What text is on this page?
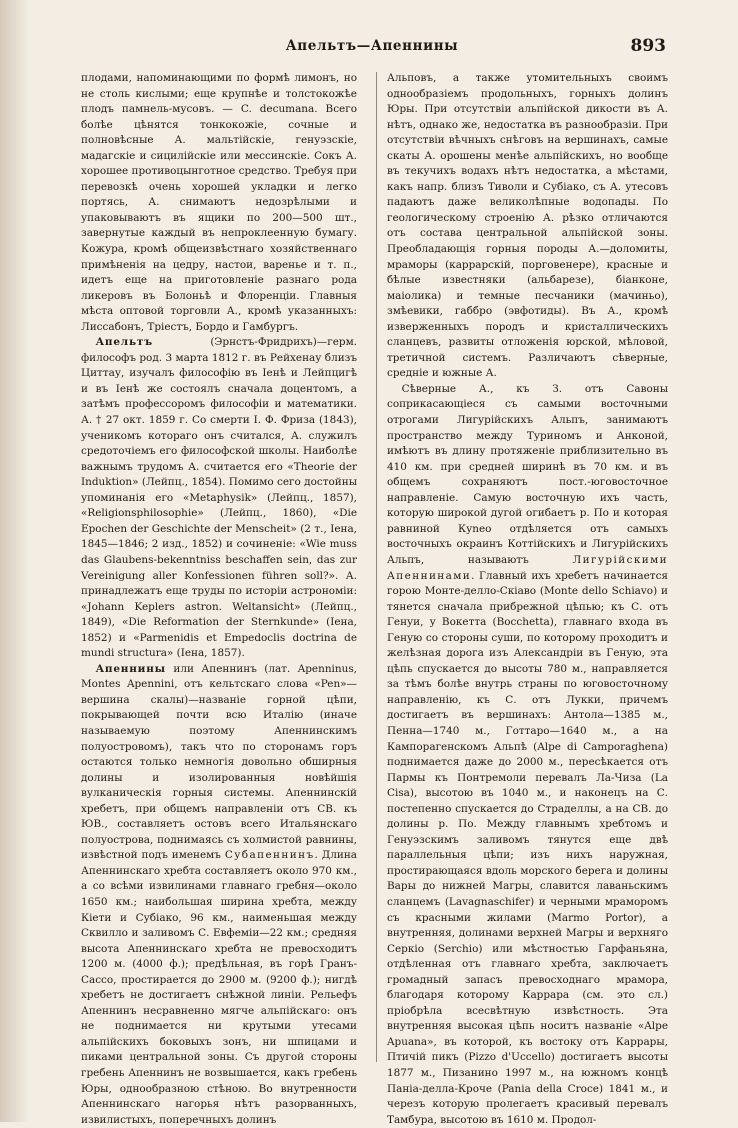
Апельтъ—Апеннины	893

плодами, напоминающими по формѣ лимонъ, но не столь кислыми; еще крупнѣе и толстокожѣе плодъ памнель-мусовъ. — C. decumana. Всего болѣе цѣнятся тонкокожіе, сочные и полновѣсные А. мальтійскіе, генуэзскіе, мадагскіе и сицилійскіе или мессинскіе. Сокъ А. хорошее противоцынготное средство. Требуя при перевозкѣ очень хорошей укладки и легко портясь, А. снимаютъ недозрѣлыми и упаковываютъ въ ящики по 200—500 шт., завернутые каждый въ непроклеенную бумагу. Кожура, кромѣ общеизвѣстнаго хозяйственнаго примѣненія на цедру, настои, варенье и т. п., идетъ еще на приготовленіе разнаго рода ликеровъ въ Болоньѣ и Флоренціи. Главныя мѣста оптовой торговли А., кромѣ указанныхъ: Лиссабонъ, Тріестъ, Бордо и Гамбургъ.

Апельтъ (Эрнстъ-Фридрихъ)—герм. философъ род. 3 марта 1812 г. въ Рейхенау близъ Циттау, изучалъ философію въ Іенѣ и Лейпцигѣ и въ Іенѣ же состоялъ сначала доцентомъ, а затѣмъ профессоромъ философіи и математики. А. † 27 окт. 1859 г. Со смерти І. Ф. Фриза (1843), ученикомъ котораго онъ считался, А. служилъ средоточіемъ его философской школы. Наиболѣе важнымъ трудомъ А. считается его «Theorie der Induktion» (Лейпц., 1854). Помимо сего достойны упоминанія его «Metaphysik» (Лейпц., 1857), «Religionsphilosophie» (Лейпц., 1860), «Die Epochen der Geschichte der Menscheit» (2 т., Іена, 1845—1846; 2 изд., 1852) и сочиненіе: «Wie muss das Glaubens-bekenntniss beschaffen sein, das zur Vereinigung aller Konfessionen führen soll?». А. принадлежатъ еще труды по исторіи астрономіи: «Johann Keplers astron. Weltansicht» (Лейпц., 1849), «Die Reformation der Sternkunde» (Іена, 1852) и «Parmenidis et Empedoclis doctrina de mundi structura» (Іена, 1857).

Апеннины или Апеннинъ (лат. Apenninus, Montes Apennini, отъ кельтскаго слова «Pen»—вершина скалы)—названіе горной цѣпи, покрывающей почти всю Италію (иначе называемую поэтому Апеннинскимъ полуостровомъ), такъ что по сторонамъ горъ остаются только немногія довольно обширныя долины и изолированныя новѣйшія вулканическія горныя системы. Апеннинскій хребетъ, при общемъ направленіи отъ СВ. къ ЮВ., составляетъ остовъ всего Итальянскаго полуострова, поднимаясь съ холмистой равнины, извѣстной подъ именемъ Субапеннинъ. Длина Апеннинскаго хребта составляетъ около 970 км., а со всѣми извилинами главнаго гребня—около 1650 км.; наибольшая ширина хребта, между Кіети и Субіако, 96 км., наименьшая между Сквилло и заливомъ С. Евфеміи—22 км.; средняя высота Апеннинскаго хребта не превосходитъ 1200 м. (4000 ф.); предѣльная, въ горѣ Гранъ-Сассо, простирается до 2900 м. (9200 ф.); нигдѣ хребетъ не достигаетъ снѣжной линіи. Рельефъ Апеннинъ несравненно мягче альпійскаго: онъ не поднимается ни крутыми утесами альпійскихъ боковыхъ зонъ, ни шпицами и пиками центральной зоны. Съ другой стороны гребень Апеннинъ не возвышается, какъ гребень Юры, однообразною стѣною. Во внутренности Апеннинскаго нагорья нѣтъ разорванныхъ, извилистыхъ, поперечныхъ долинъ

Альповъ, а также утомительныхъ своимъ однообразіемъ продольныхъ, горныхъ долинъ Юры. При отсутствіи альпійской дикости въ А. нѣтъ, однако же, недостатка въ разнообразіи. При отсутствіи вѣчныхъ снѣговъ на вершинахъ, самые скаты А. орошены менѣе альпійскихъ, но вообще въ текучихъ водахъ нѣтъ недостатка, а мѣстами, какъ напр. близъ Тиволи и Субіако, съ А. утесовъ падаютъ даже великолѣпные водопады. По геологическому строенію А. рѣзко отличаются отъ состава центральной альпійской зоны. Преобладающія горныя породы А.—доломиты, мраморы (каррарскій, порговенере), красные и бѣлые известняки (альбарезе), біанконе, маіолика) и темные песчаники (мачиньо), змѣевики, габбро (эвфотиды). Въ А., кромѣ изверженныхъ породъ и кристаллическихъ сланцевъ, развиты отложенія юрской, мѣловой, третичной системъ. Различаютъ сѣверные, средніе и южные А.

Сѣверные А., къ З. отъ Савоны соприкасающіеся съ самыми восточными отрогами Лигурійскихъ Альпъ, занимаютъ пространство между Туриномъ и Анконой, имѣютъ въ длину протяженіе приблизительно въ 410 км. при средней ширинѣ въ 70 км. и въ общемъ сохраняютъ пост.-юговосточное направленіе. Самую восточную ихъ часть, которую широкой дугой огибаетъ р. По и которая равниной Куneo отдѣляется отъ самыхъ восточныхъ окраинъ Коттійскихъ и Лигурійскихъ Альпъ, называютъ Лигурійскими Апеннинами. Главный ихъ хребетъ начинается горою Монте-делло-Скіаво (Monte dello Schiavo) и тянется сначала прибрежной цѣпью; къ С. отъ Генуи, у Вокетта (Bocchetta), главнаго входа въ Геную со стороны суши, по которому проходитъ и желѣзная дорога изъ Александріи въ Геную, эта цѣпь спускается до высоты 780 м., направляется за тѣмъ болѣе внутрь страны по юговосточному направленію, къ С. отъ Лукки, причемъ достигаетъ въ вершинахъ: Антола—1385 м., Пенна—1740 м., Готтаро—1640 м., а на Кампорагенскомъ Альпѣ (Alpe di Camporaghena) поднимается даже до 2000 м., пересѣкается отъ Пармы къ Понтремоли перевалъ Ла-Чиза (La Cisa), высотою въ 1040 м., и наконецъ на С. постепенно спускается до Страделлы, а на СВ. до долины р. По. Между главнымъ хребтомъ и Генуэзскимъ заливомъ тянутся еще двѣ параллельныя цѣпи; изъ нихъ наружная, простирающаяся вдоль морского берега и долины Вары до нижней Магры, славится лаваньскимъ сланцемъ (Lavagnaschifer) и черными мраморомъ съ красными жилами (Marmo Portor), а внутренняя, долинами верхней Магры и верхняго Серкіо (Serchio) или мѣстностью Гарфаньяна, отдѣленная отъ главнаго хребта, заключаетъ громадный запасъ превосходнаго мрамора, благодаря которому Каррара (см. это сл.) пріобрѣла всесвѣтную извѣстность. Эта внутренняя высокая цѣпь носитъ названіе «Alpe Apuana», въ которой, къ востоку отъ Каррары, Птичій пикъ (Pizzo d'Uccello) достигаетъ высоты 1877 м., Пизанино 1997 м., на южномъ концѣ Паніа-делла-Кроче (Pania della Croce) 1841 м., и черезъ которую пролегаетъ красивый перевалъ Тамбура, высотою въ 1610 м. Продол-
